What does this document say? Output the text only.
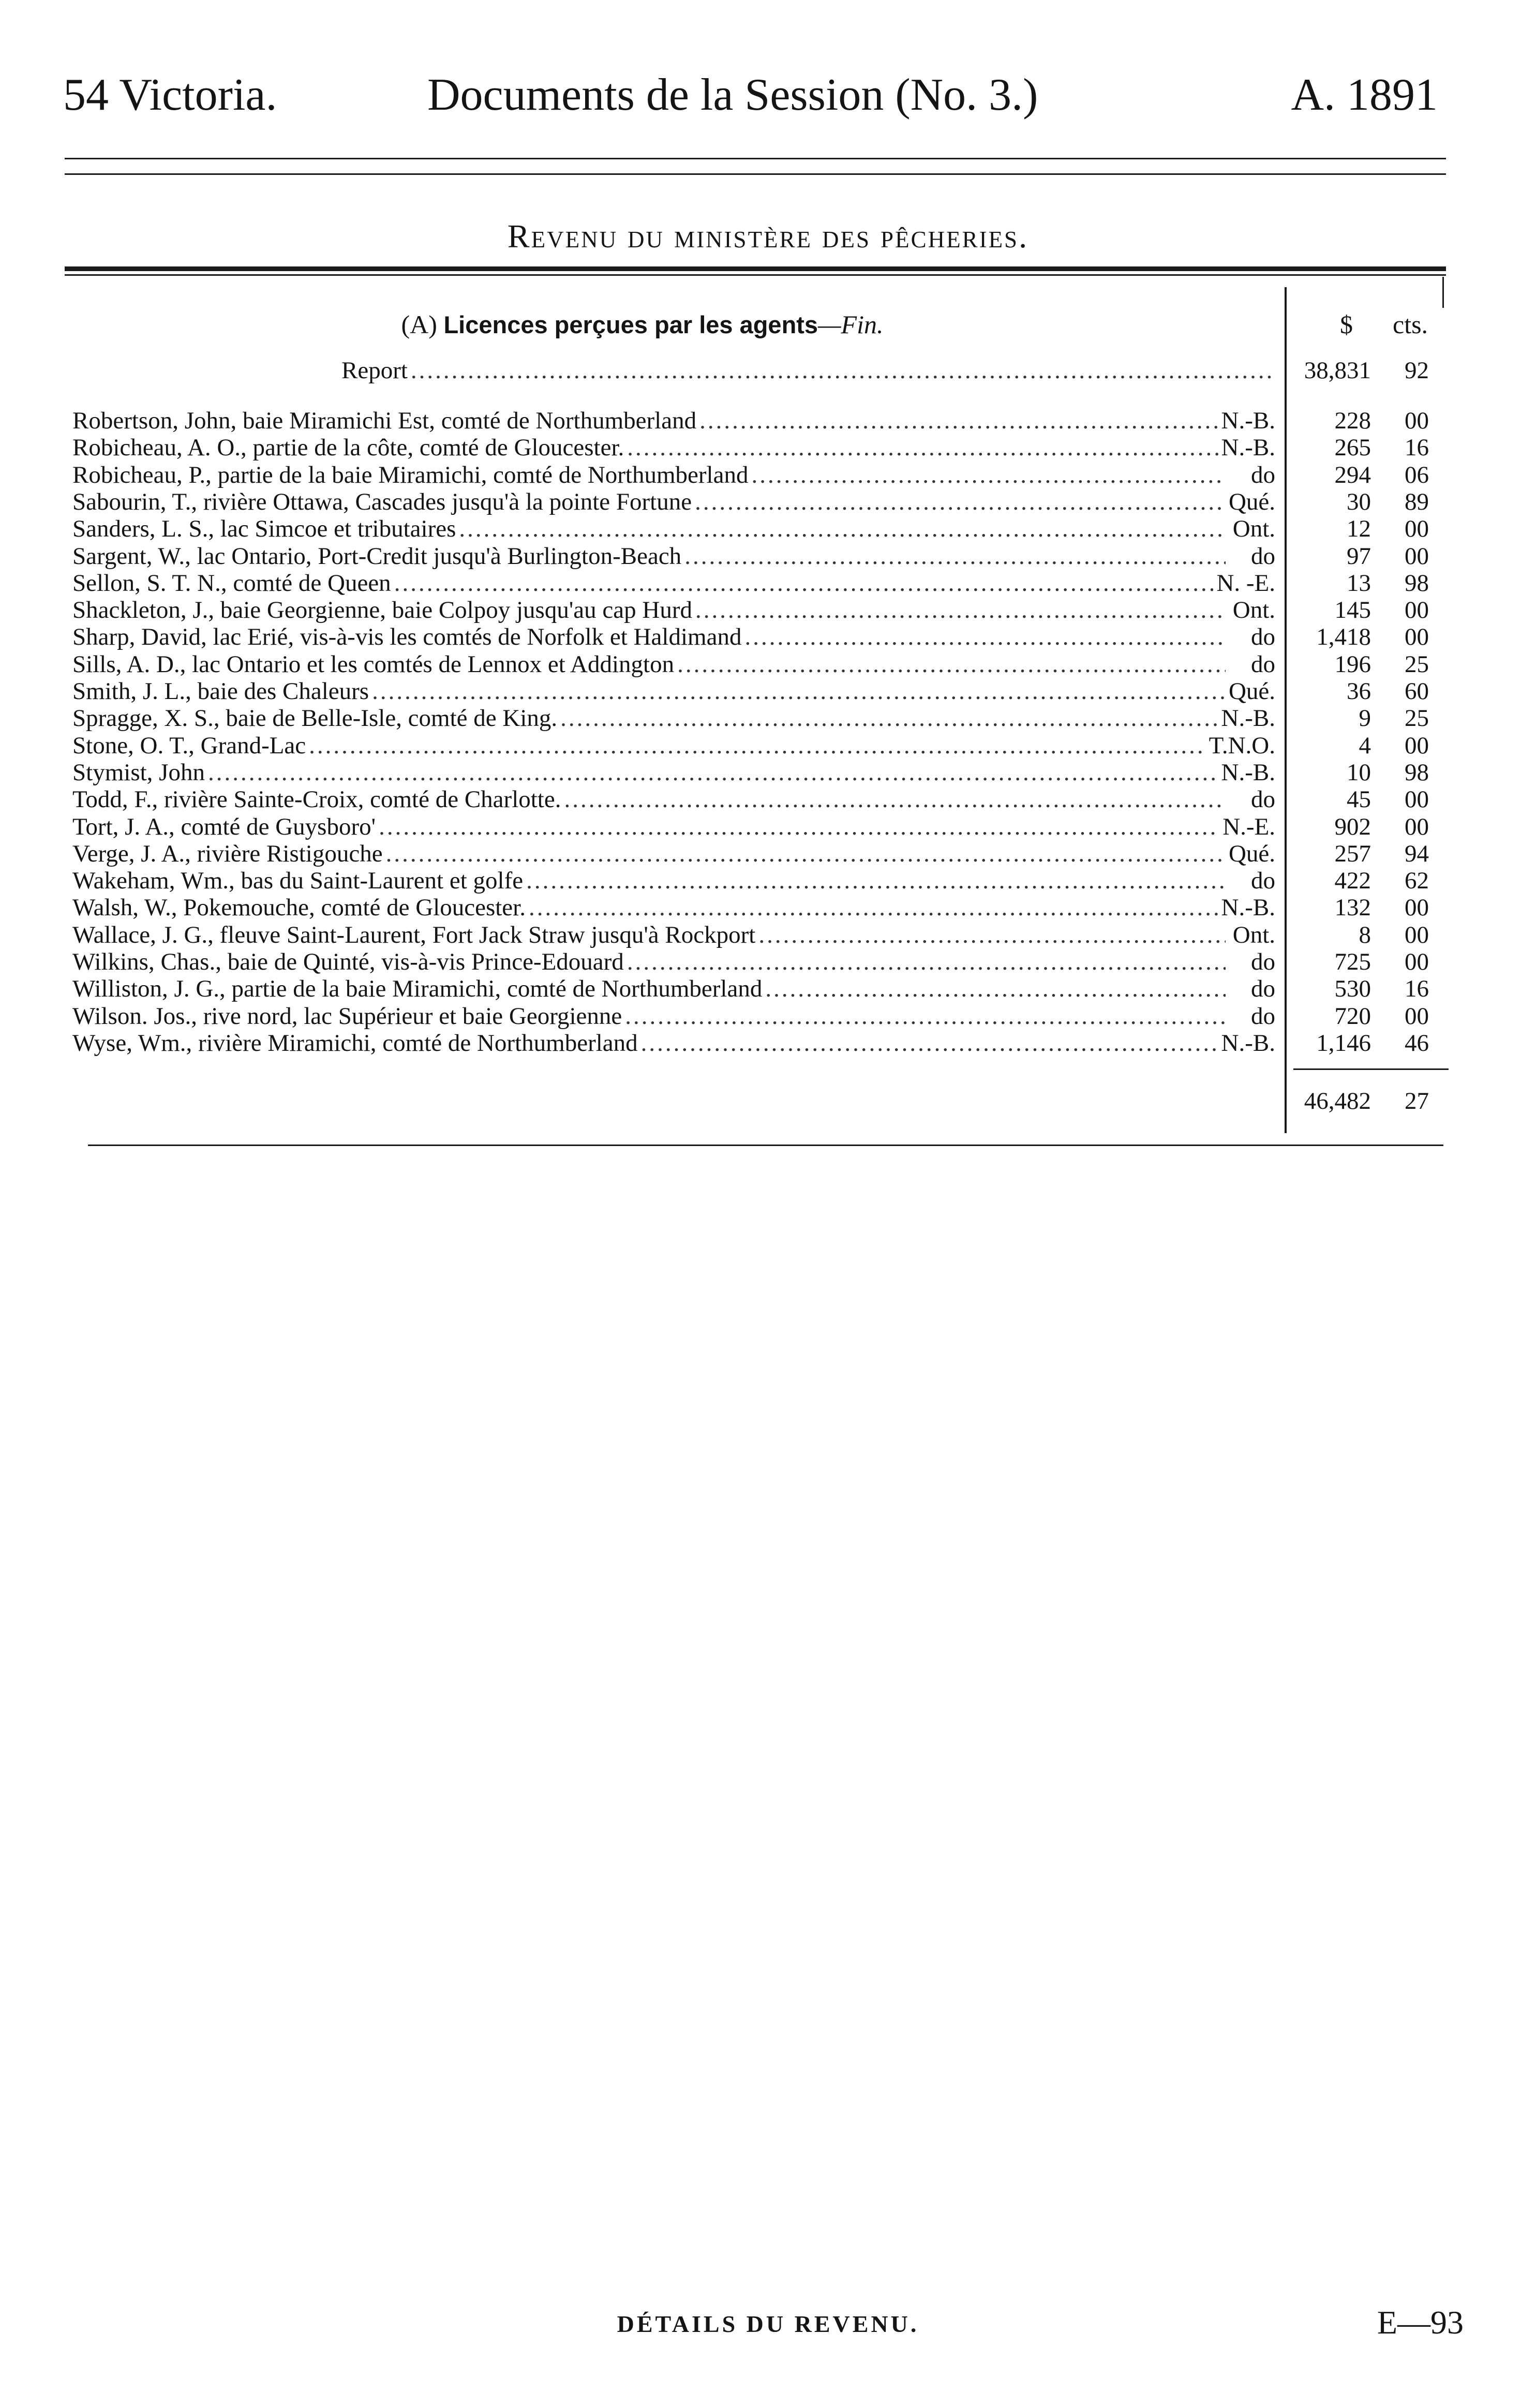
54 Victoria.	Documents de la Session (No. 3.)	A. 1891
Revenu du ministère des pêcheries.
(A) Licences perçues par les agents—Fin.	$ cts.
Report .....	38,831	92
Robertson, John, baie Miramichi Est, comté de Northumberland .....	N.-B.	228	00
Robicheau, A. O., partie de la côte, comté de Gloucester. .....	N.-B.	265	16
Robicheau, P., partie de la baie Miramichi, comté de Northumberland .....	do	294	06
Sabourin, T., rivière Ottawa, Cascades jusqu'à la pointe Fortune .....	Qué.	30	89
Sanders, L. S., lac Simcoe et tributaires .....	Ont.	12	00
Sargent, W., lac Ontario, Port-Credit jusqu'à Burlington-Beach .....	do	97	00
Sellon, S. T. N., comté de Queen .....	N. -E.	13	98
Shackleton, J., baie Georgienne, baie Colpoy jusqu'au cap Hurd .....	Ont.	145	00
Sharp, David, lac Erié, vis-à-vis les comtés de Norfolk et Haldimand .....	do	1,418	00
Sills, A. D., lac Ontario et les comtés de Lennox et Addington .....	do	196	25
Smith, J. L., baie des Chaleurs .....	Qué.	36	60
Spragge, X. S., baie de Belle-Isle, comté de King. .....	N.-B.	9	25
Stone, O. T., Grand-Lac .....	T.N.O.	4	00
Stymist, John .....	N.-B.	10	98
Todd, F., rivière Sainte-Croix, comté de Charlotte. .....	do	45	00
Tort, J. A., comté de Guysboro' .....	N.-E.	902	00
Verge, J. A., rivière Ristigouche .....	Qué.	257	94
Wakeham, Wm., bas du Saint-Laurent et golfe .....	do	422	62
Walsh, W., Pokemouche, comté de Gloucester. .....	N.-B.	132	00
Wallace, J. G., fleuve Saint-Laurent, Fort Jack Straw jusqu'à Rockport .....	Ont.	8	00
Wilkins, Chas., baie de Quinté, vis-à-vis Prince-Edouard .....	do	725	00
Williston, J. G., partie de la baie Miramichi, comté de Northumberland .....	do	530	16
Wilson. Jos., rive nord, lac Supérieur et baie Georgienne .....	do	720	00
Wyse, Wm., rivière Miramichi, comté de Northumberland .....	N.-B.	1,146	46
46,482	27
DÉTAILS DU REVENU.	E—93
